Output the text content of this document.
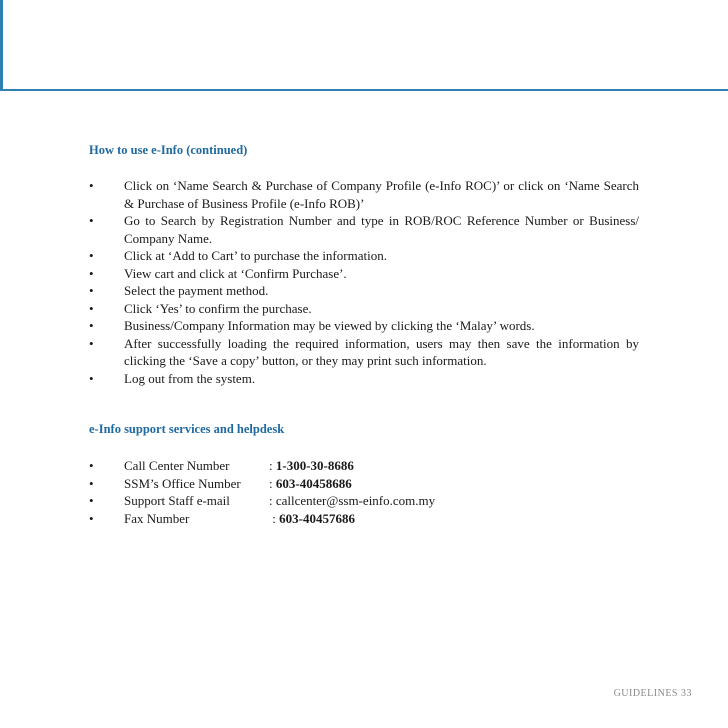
How to use e-Info (continued)
• Click on ‘Name Search & Purchase of Company Profile (e-Info ROC)’ or click on ‘Name Search & Purchase of Business Profile (e-Info ROB)’
• Go to Search by Registration Number and type in ROB/ROC Reference Number or Business/ Company Name.
• Click at ‘Add to Cart’ to purchase the information.
• View cart and click at ‘Confirm Purchase’.
• Select the payment method.
• Click ‘Yes’ to confirm the purchase.
• Business/Company Information may be viewed by clicking the ‘Malay’ words.
• After successfully loading the required information, users may then save the information by clicking the ‘Save a copy’ button, or they may print such information.
• Log out from the system.
e-Info support services and helpdesk
• Call Center Number	: 1-300-30-8686
• SSM’s Office Number : 603-40458686
• Support Staff e-mail	: callcenter@ssm-einfo.com.my
• Fax Number	: 603-40457686
GUIDELINES 33
